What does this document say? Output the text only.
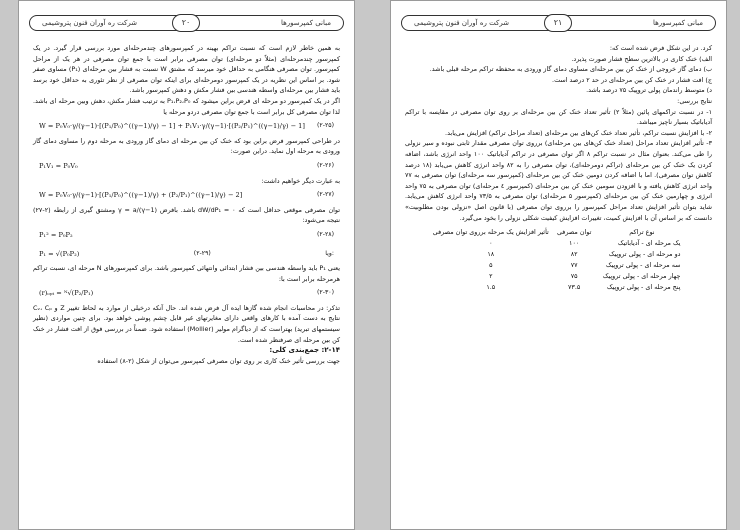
مبانی کمپرسورها
۲۰
شرکت ره آوران فنون پتروشیمی

به همین خاطر لازم است که نسبت تراکم بهینه در کمپرسورهای چندمرحله‌ای مورد بررسی قرار گیرد. در یک کمپرسور چندمرحله‌ای (مثلاً دو مرحله‌ای) توان مصرفی برابر است با جمع توان مصرفی در هر یک از مراحل کمپرسور. توان مصرفی هنگامی به حداقل خود میرسد که مشتق W نسبت به فشار بین مرحله‌ای (P₁) مساوی صفر شود. بر اساس این نظریه در یک کمپرسور دومرحله‌ای برای اینکه توان مصرفی از نظر تئوری به حداقل خود برسد باید فشار بین مرحله‌ای واسطه هندسی بین فشار مکش و دهش کمپرسور باشد.

اگر در یک کمپرسور دو مرحله ای فرض براین میشود که P₁،P₂،P₀ به ترتیب فشار مکش، دهش وبین مرحله ای باشد. لذا توان مصرفی کل برابر است با جمع توان مصرفی دردو مرحله یا

W = P₀V₀·γ/(γ−1)·[(P₁/P₀)^((γ−1)/γ) − 1] + P₁V₁·γ/(γ−1)·[(P₂/P₁)^((γ−1)/γ) − 1] (۲-۲۵)

در طراحی کمپرسور فرض براین بود که خنک کن بین مرحله ای دمای گاز ورودی به مرحله دوم را مساوی دمای گاز ورودی به مرحله اول نماید. دراین صورت:

P₁V₁ = P₀V₀	(۲-۲۶)

به عبارت دیگر خواهیم داشت:

W = P₀V₀·γ/(γ−1)·[(P₁/P₀)^((γ−1)/γ) + (P₂/P₁)^((γ−1)/γ) − 2]	(۲-۲۷)

توان مصرفی موقعی حداقل است که dW/dP₁ = ۰ باشد. بافرض (γ−1)/γ = a ومشتق گیری از رابطه (۲-۲۷) نتیجه می‌شود:

P₁² = P₀P₂	(۲-۲۸)
P₁ = √(P₀P₂)	(۲-۲۹)	ویا:

یعنی P₁ باید واسطه هندسی بین فشار ابتدائی وانتهائی کمپرسور باشد. برای کمپرسورهای N مرحله ای، نسبت تراکم هرمرحله برابر است با:

(r)ₒₚₜ = ᴺ√(P₂/P₁)	(۲-۳۰)

تذکر: در محاسبات انجام شده گازها ایده آل فرض شده اند. حال آنکه درخیلی از موارد به لحاظ تغییر Z و Cᵥ، Cₚ نتایج به دست آمده با کارهای واقعی دارای مغایرتهای غیر قابل چشم پوشی خواهد بود. برای چنین مواردی (نظیر سیستمهای تبرید) بهتراست که از دیاگرام مولیر (Mollier) استفاده شود. ضمناً در بررسی فوق از افت فشار در خنک کن بین مرحله ای صرفنظر شده است.

۲-۱۴: جمع‌بندی کلی:

جهت بررسی تأثیر خنک کاری بر روی توان مصرفی کمپرسور می‌توان از شکل (۲-۸) استفاده

مبانی کمپرسورها
۲۱
شرکت ره آوران فنون پتروشیمی

کرد. در این شکل فرض شده است که:

الف) خنک کاری در بالاترین سطح فشار صورت پذیرد.

ب) دمای گاز خروجی از خنک کن بین مرحله‌ای مساوی دمای گاز ورودی به محفظه تراکم مرحله قبلی باشد.

ج) افت فشار در خنک کن بین مرحله‌ای در حد ۲ درصد است.

د) متوسط راندمان پولی تروپیک ۷۵ درصد باشد.

نتایج بررسی:

۱- در نسبت تراکمهای پائین (مثلاً ۲) تأثیر تعداد خنک کن بین مرحله‌ای بر روی توان مصرفی در مقایسه با تراکم آدیاباتیک بسیار ناچیز میباشد.

۲- با افزایش نسبت تراکم، تأثیر تعداد خنک کن‌های بین مرحله‌ای (تعداد مراحل تراکم) افزایش می‌یابد.

۳- تأثیر افزایش تعداد مراحل (تعداد خنک کن‌های بین مرحله‌ای) برروی توان مصرفی مقدار ثابتی نبوده و سیر نزولی را طی می‌کند. بعنوان مثال در نسبت تراکم ۸ اگر توان مصرفی در تراکم آدیاباتیک ۱۰۰ واحد انرژی باشد، اضافه کردن یک خنک کن بین مرحله‌ای (تراکم دومرحله‌ای)، توان مصرفی را به ۸۲ واحد انرژی کاهش می‌یابد (۱۸ درصد کاهش توان مصرفی). اما با اضافه کردن دومین خنک کن بین مرحله‌ای (کمپرسور سه مرحله‌ای) توان مصرفی به ۷۷ واحد انرژی کاهش یافته و با افزودن سومین خنک کن بین مرحله‌ای (کمپرسور ٤ مرحله‌ای) توان مصرفی به ۷۵ واحد انرژی و چهارمین خنک کن بین مرحله‌ای (کمپرسور ۵ مرحله‌ای) توان مصرفی به ۷۳/۵ واحد انرژی کاهش می‌یابد. شاید بتوان تأثیر افزایش تعداد مراحل کمپرسور را برروی توان مصرفی (با قانون اصل «نزولی بودن مطلوبیت» دانست که بر اساس آن با افزایش کمیت، تغییرات افزایش کیفیت شکلی نزولی را بخود می‌گیرد.

نوع تراکم	توان مصرفی	تأثیر افزایش یک مرحله برروی توان مصرفی
یک مرحله ای - آدیاباتیک	۱۰۰	۰
دو مرحله ای - پولی تروپیک	۸۲	۱۸
سه مرحله ای - پولی تروپیک	۷۷	۵
چهار مرحله ای - پولی تروپیک	۷۵	۲
پنج مرحله ای - پولی تروپیک	۷۳.۵	۱.۵
